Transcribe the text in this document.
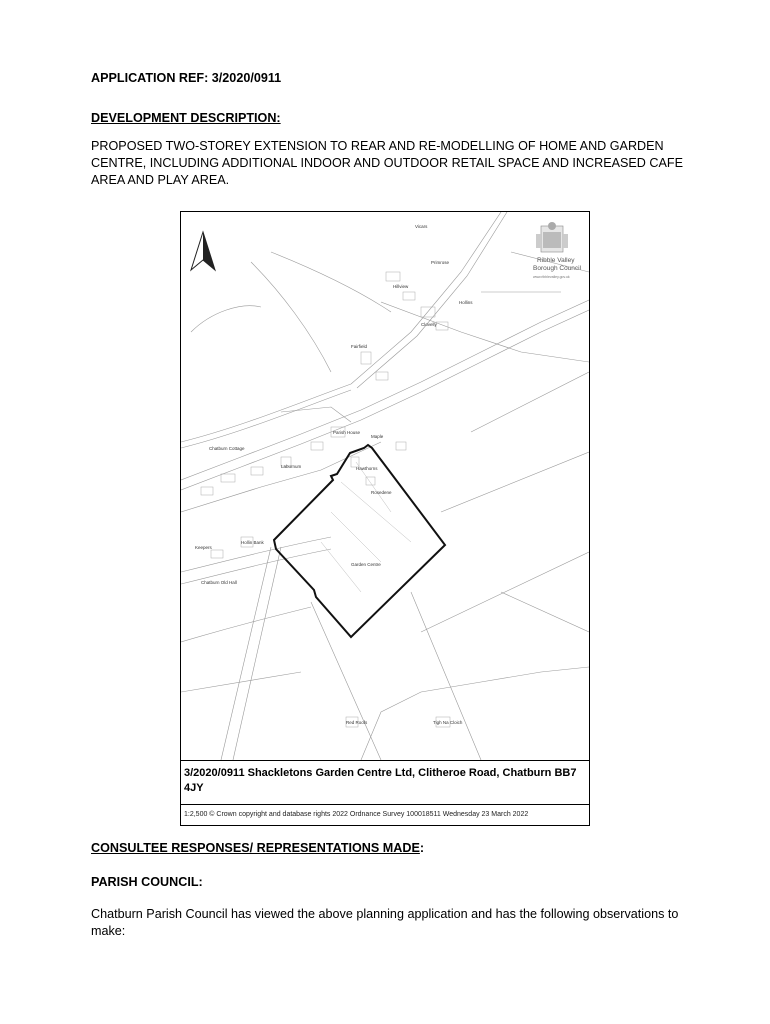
APPLICATION REF: 3/2020/0911

DEVELOPMENT DESCRIPTION:

PROPOSED TWO-STOREY EXTENSION TO REAR AND RE-MODELLING OF HOME AND GARDEN CENTRE, INCLUDING ADDITIONAL INDOOR AND OUTDOOR RETAIL SPACE AND INCREASED CAFE AREA AND PLAY AREA.

Ribble Valley
Borough Council
www.ribblevalley.gov.uk
Vicars
Primrose
Hillview
Hollins
Clovelly
Fairfield
Parish House
Garden Centre
Hawthorns
Chatburn Cottage
Keepers
Hollin Bank
Red Roofs	Tigh Na Cloich
Chatburn Old Hall
Laburnum
Maple
Rosedene
3/2020/0911 Shackletons Garden Centre Ltd, Clitheroe Road, Chatburn BB7 4JY
1:2,500 © Crown copyright and database rights 2022 Ordnance Survey 100018511 Wednesday 23 March 2022

CONSULTEE RESPONSES/ REPRESENTATIONS MADE:

PARISH COUNCIL:

Chatburn Parish Council has viewed the above planning application and has the following observations to make:
